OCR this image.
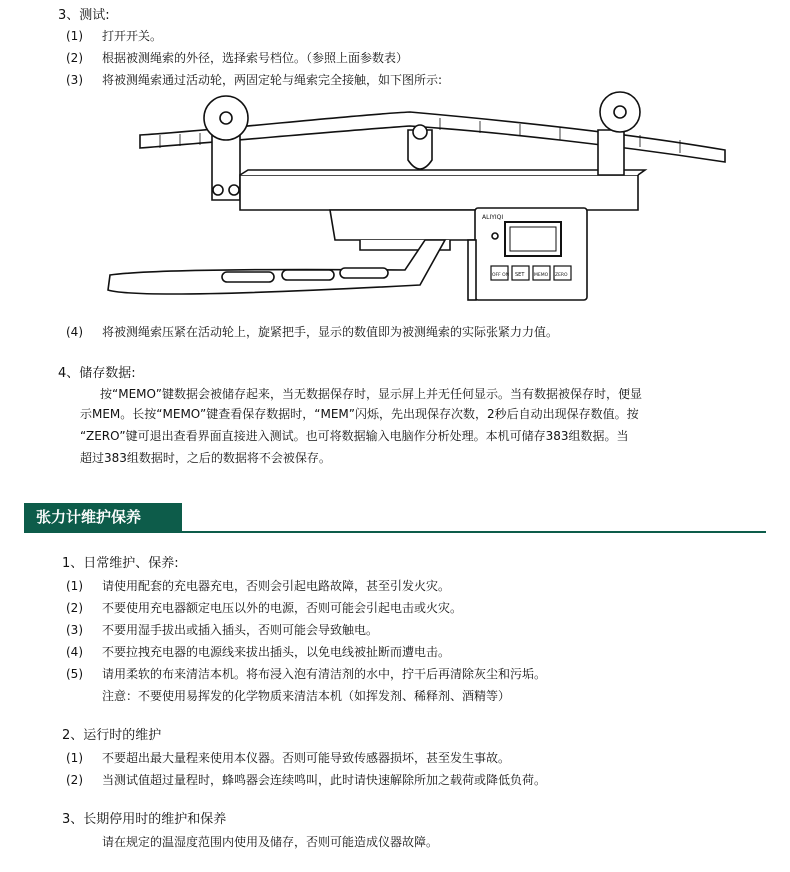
3、测试:
(1) 打开开关。
(2) 根据被测绳索的外径，选择索号档位。（参照上面参数表）
(3) 将被测绳索通过活动轮，两固定轮与绳索完全接触，如下图所示:
ALIYIQI
OFF ON SET MEMO ZERO
(4) 将被测绳索压紧在活动轮上，旋紧把手，显示的数值即为被测绳索的实际张紧力力值。
4、储存数据:
按“MEMO”键数据会被储存起来，当无数据保存时，显示屏上并无任何显示。当有数据被保存时，便显
示MEM。长按“MEMO”键查看保存数据时，“MEM”闪烁，先出现保存次数，2秒后自动出现保存数值。按
“ZERO”键可退出查看界面直接进入测试。也可将数据输入电脑作分析处理。本机可储存383组数据。当
超过383组数据时，之后的数据将不会被保存。
张力计维护保养
1、日常维护、保养:
(1) 请使用配套的充电器充电，否则会引起电路故障，甚至引发火灾。
(2) 不要使用充电器额定电压以外的电源，否则可能会引起电击或火灾。
(3) 不要用湿手拔出或插入插头，否则可能会导致触电。
(4) 不要拉拽充电器的电源线来拔出插头，以免电线被扯断而遭电击。
(5) 请用柔软的布来清洁本机。将布浸入泡有清洁剂的水中，拧干后再清除灰尘和污垢。
注意：不要使用易挥发的化学物质来清洁本机（如挥发剂、稀释剂、酒精等）
2、运行时的维护
(1) 不要超出最大量程来使用本仪器。否则可能导致传感器损坏，甚至发生事故。
(2) 当测试值超过量程时，蜂鸣器会连续鸣叫，此时请快速解除所加之载荷或降低负荷。
3、长期停用时的维护和保养
请在规定的温湿度范围内使用及储存，否则可能造成仪器故障。
